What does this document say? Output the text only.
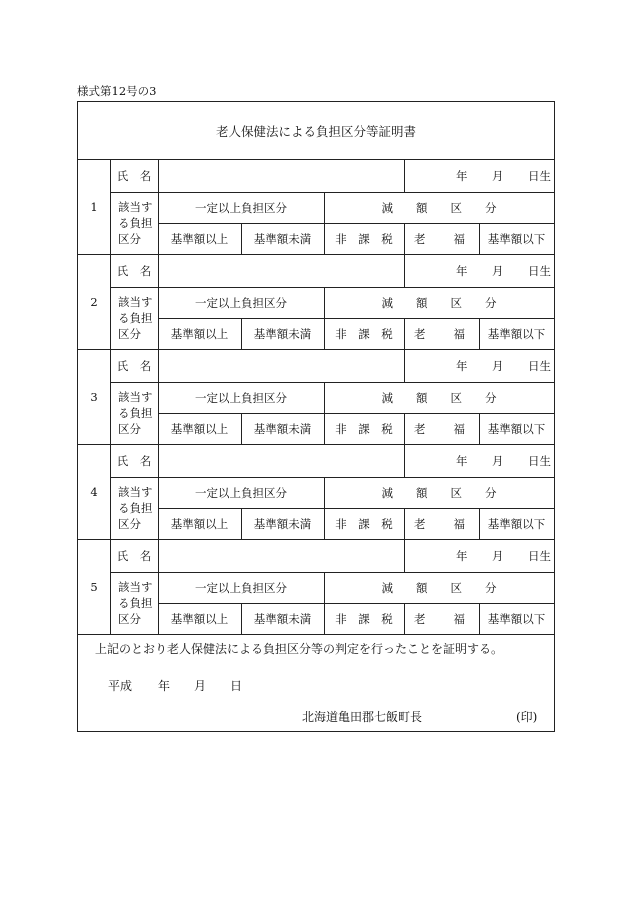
様式第12号の3
老人保健法による負担区分等証明書
1
氏　名	年 月 日生
該当す
る負担
区分
一定以上負担区分	減　　額　　区　　分
基準額以上	基準額未満	非　課　税	老 福	基準額以下
2
氏　名	年 月 日生
該当す
る負担
区分
一定以上負担区分	減　　額　　区　　分
基準額以上	基準額未満	非　課　税	老 福	基準額以下
3
氏　名	年 月 日生
該当す
る負担
区分
一定以上負担区分	減　　額　　区　　分
基準額以上	基準額未満	非　課　税	老 福	基準額以下
4
氏　名	年 月 日生
該当す
る負担
区分
一定以上負担区分	減　　額　　区　　分
基準額以上	基準額未満	非　課　税	老 福	基準額以下
5
氏　名	年 月 日生
該当す
る負担
区分
一定以上負担区分	減　　額　　区　　分
基準額以上	基準額未満	非　課　税	老 福	基準額以下
上記のとおり老人保健法による負担区分等の判定を行ったことを証明する。
平成 年 月 日
北海道亀田郡七飯町長	(印)
